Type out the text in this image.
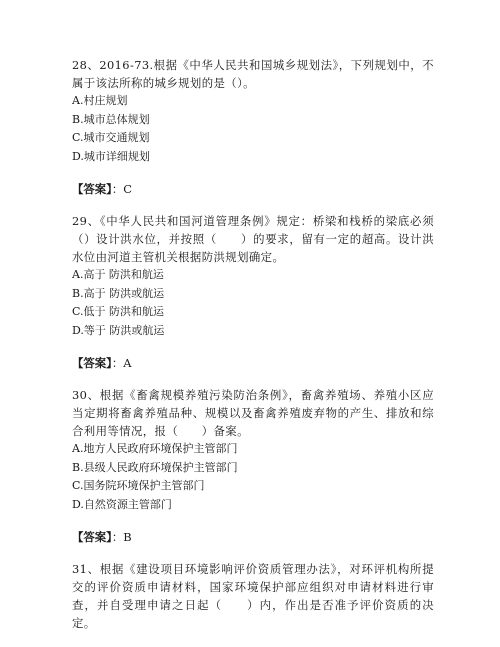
28、2016-73.根据《中华人民共和国城乡规划法》，下列规划中，不属于该法所称的城乡规划的是（）。

A.村庄规划

B.城市总体规划

C.城市交通规划

D.城市详细规划

【答案】：C

29、《中华人民共和国河道管理条例》规定：桥梁和栈桥的梁底必须（）设计洪水位，并按照（　　）的要求，留有一定的超高。设计洪水位由河道主管机关根据防洪规划确定。

A.高于 防洪和航运

B.高于 防洪或航运

C.低于 防洪和航运

D.等于 防洪或航运

【答案】：A

30、根据《畜禽规模养殖污染防治条例》，畜禽养殖场、养殖小区应当定期将畜禽养殖品种、规模以及畜禽养殖废弃物的产生、排放和综合利用等情况，报（　　）备案。

A.地方人民政府环境保护主管部门

B.县级人民政府环境保护主管部门

C.国务院环境保护主管部门

D.自然资源主管部门

【答案】：B

31、根据《建设项目环境影响评价资质管理办法》，对环评机构所提交的评价资质申请材料，国家环境保护部应组织对申请材料进行审查，并自受理申请之日起（　　）内，作出是否准予评价资质的决定。
